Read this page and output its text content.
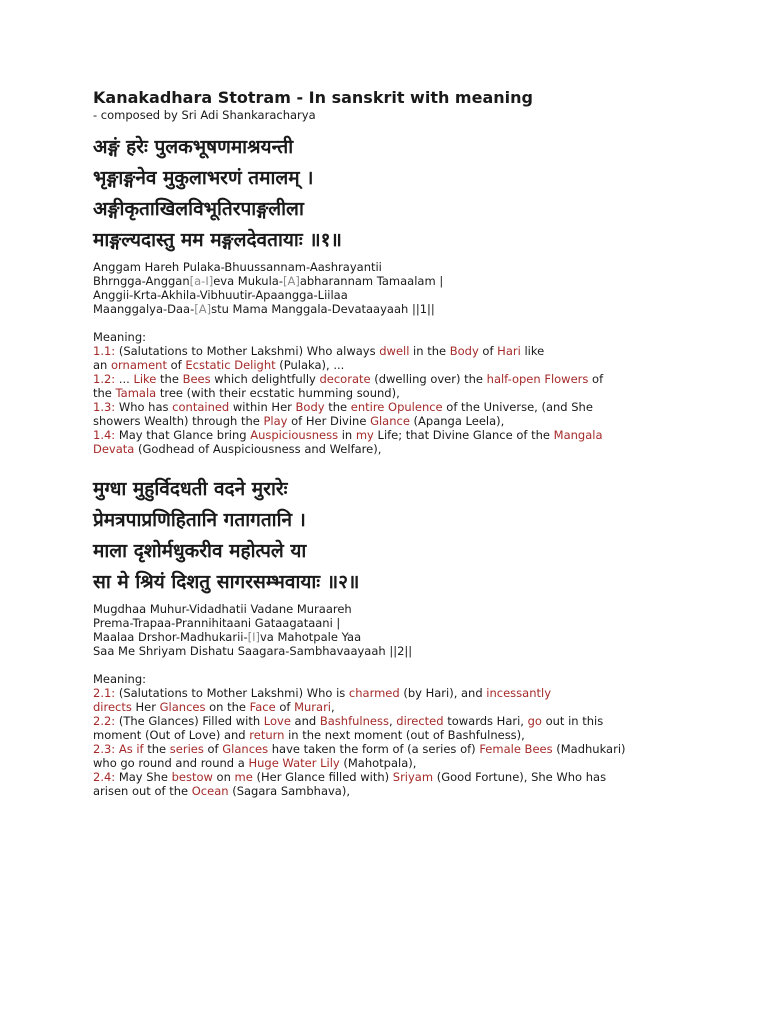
Kanakadhara Stotram - In sanskrit with meaning
- composed by Sri Adi Shankaracharya
अङ्गं हरेः पुलकभूषणमाश्रयन्ती
भृङ्गाङ्गनेव मुकुलाभरणं तमालम् ।
अङ्गीकृताखिलविभूतिरपाङ्गलीला
माङ्गल्यदास्तु मम मङ्गलदेवतायाः ॥१॥
Anggam Hareh Pulaka-Bhuussannam-Aashrayantii
Bhrngga-Anggan[a-I]eva Mukula-[A]abharannam Tamaalam |
Anggii-Krta-Akhila-Vibhuutir-Apaangga-Liilaa
Maanggalya-Daa-[A]stu Mama Manggala-Devataayaah ||1||
Meaning:
1.1: (Salutations to Mother Lakshmi) Who always dwell in the Body of Hari like
an ornament of Ecstatic Delight (Pulaka), ...
1.2: ... Like the Bees which delightfully decorate (dwelling over) the half-open Flowers of
the Tamala tree (with their ecstatic humming sound),
1.3: Who has contained within Her Body the entire Opulence of the Universe, (and She
showers Wealth) through the Play of Her Divine Glance (Apanga Leela),
1.4: May that Glance bring Auspiciousness in my Life; that Divine Glance of the Mangala
Devata (Godhead of Auspiciousness and Welfare),
मुग्धा मुहुर्विदधती वदने मुरारेः
प्रेमत्रपाप्रणिहितानि गतागतानि ।
माला दृशोर्मधुकरीव महोत्पले या
सा मे श्रियं दिशतु सागरसम्भवायाः ॥२॥
Mugdhaa Muhur-Vidadhatii Vadane Muraareh
Prema-Trapaa-Prannihitaani Gataagataani |
Maalaa Drshor-Madhukarii-[I]va Mahotpale Yaa
Saa Me Shriyam Dishatu Saagara-Sambhavaayaah ||2||
Meaning:
2.1: (Salutations to Mother Lakshmi) Who is charmed (by Hari), and incessantly
directs Her Glances on the Face of Murari,
2.2: (The Glances) Filled with Love and Bashfulness, directed towards Hari, go out in this
moment (Out of Love) and return in the next moment (out of Bashfulness),
2.3: As if the series of Glances have taken the form of (a series of) Female Bees (Madhukari)
who go round and round a Huge Water Lily (Mahotpala),
2.4: May She bestow on me (Her Glance filled with) Sriyam (Good Fortune), She Who has
arisen out of the Ocean (Sagara Sambhava),
